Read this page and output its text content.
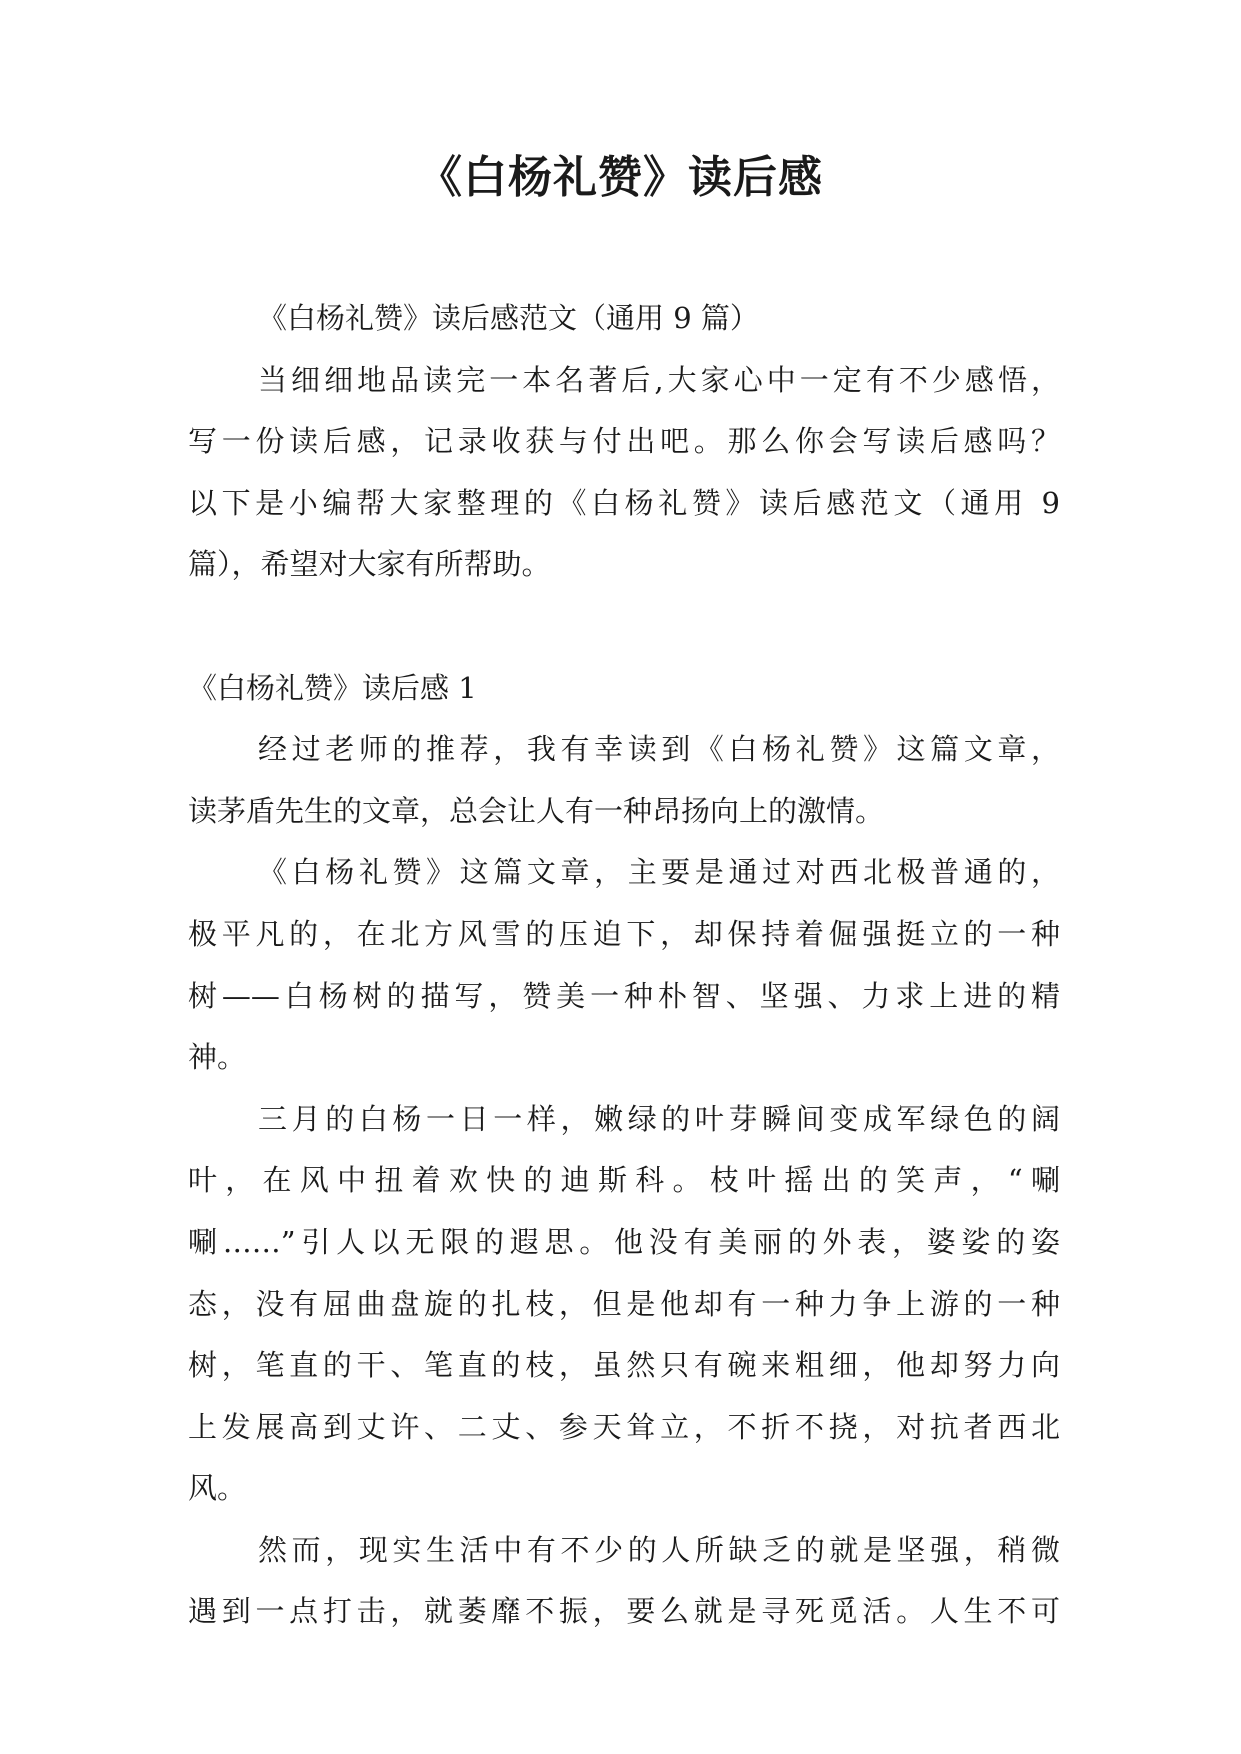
《白杨礼赞》读后感
《白杨礼赞》读后感范文（通用 9 篇）
当细细地品读完一本名著后,大家心中一定有不少感悟，
写一份读后感，记录收获与付出吧。那么你会写读后感吗？
以下是小编帮大家整理的《白杨礼赞》读后感范文（通用 9
篇），希望对大家有所帮助。
《白杨礼赞》读后感 1
经过老师的推荐，我有幸读到《白杨礼赞》这篇文章，
读茅盾先生的文章，总会让人有一种昂扬向上的激情。
《白杨礼赞》这篇文章，主要是通过对西北极普通的，
极平凡的，在北方风雪的压迫下，却保持着倔强挺立的一种
树——白杨树的描写，赞美一种朴智、坚强、力求上进的精
神。
三月的白杨一日一样，嫩绿的叶芽瞬间变成军绿色的阔
叶，在风中扭着欢快的迪斯科。枝叶摇出的笑声，“唰
唰……”引人以无限的遐思。他没有美丽的外表，婆娑的姿
态，没有屈曲盘旋的扎枝，但是他却有一种力争上游的一种
树，笔直的干、笔直的枝，虽然只有碗来粗细，他却努力向
上发展高到丈许、二丈、参天耸立，不折不挠，对抗者西北
风。
然而，现实生活中有不少的人所缺乏的就是坚强，稍微
遇到一点打击，就萎靡不振，要么就是寻死觅活。人生不可
